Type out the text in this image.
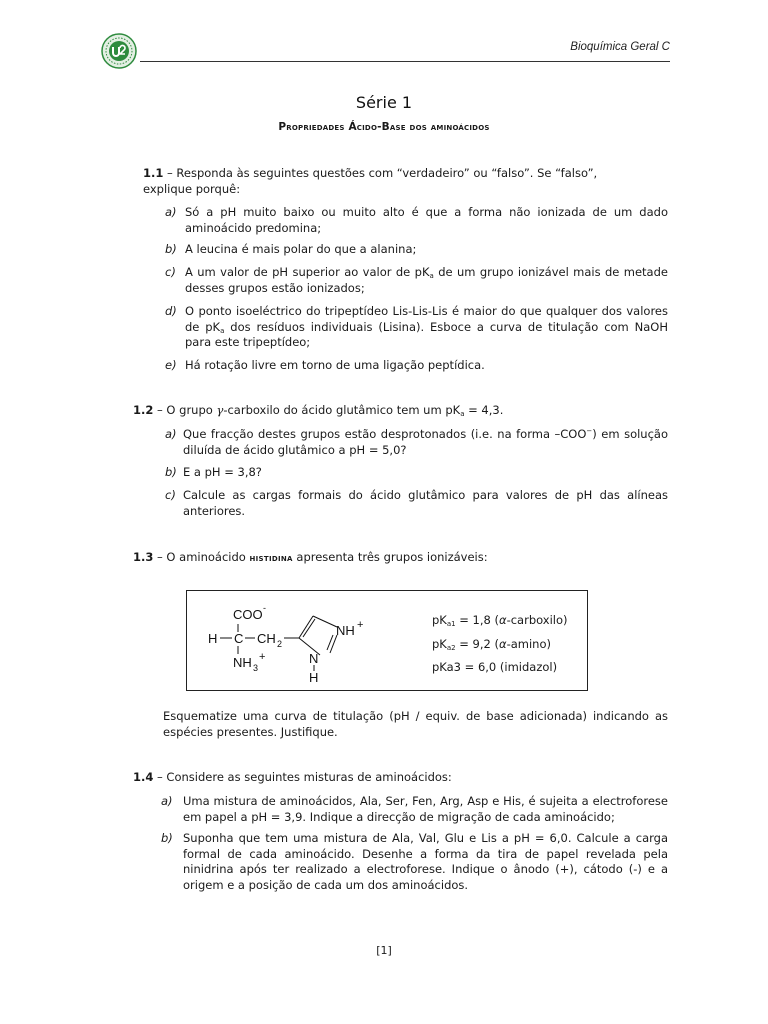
Bioquímica Geral C
Série 1
Propriedades Ácido-Base dos aminoácidos
1.1 – Responda às seguintes questões com “verdadeiro” ou “falso”. Se “falso”, explique porquê:
a) Só a pH muito baixo ou muito alto é que a forma não ionizada de um dado aminoácido predomina;
b) A leucina é mais polar do que a alanina;
c) A um valor de pH superior ao valor de $pK_a$ de um grupo ionizável mais de metade desses grupos estão ionizados;
d) O ponto isoeléctrico do tripeptídeo Lis-Lis-Lis é maior do que qualquer dos valores de $pK_a$ dos resíduos individuais (Lisina). Esboce a curva de titulação com NaOH para este tripeptídeo;
e) Há rotação livre em torno de uma ligação peptídica.
1.2 – O grupo γ-carboxilo do ácido glutâmico tem um $pK_a = 4,3$.
a) Que fracção destes grupos estão desprotonados (i.e. na forma –COO−) em solução diluída de ácido glutâmico a pH = 5,0?
b) E a pH = 3,8?
c) Calcule as cargas formais do ácido glutâmico para valores de pH das alíneas anteriores.
1.3 – O aminoácido histidina apresenta três grupos ionizáveis:
COO -
H C CH 2
NH 3
+
NH +
N
H
$pK_{a1} = 1,8$ (α-carboxilo)
$pK_{a2} = 9,2$ (α-amino)
pKa3 = 6,0 (imidazol)
Esquematize uma curva de titulação (pH / equiv. de base adicionada) indicando as espécies presentes. Justifique.
1.4 – Considere as seguintes misturas de aminoácidos:
a) Uma mistura de aminoácidos, Ala, Ser, Fen, Arg, Asp e His, é sujeita a electroforese em papel a pH = 3,9. Indique a direcção de migração de cada aminoácido;
b) Suponha que tem uma mistura de Ala, Val, Glu e Lis a pH = 6,0. Calcule a carga formal de cada aminoácido. Desenhe a forma da tira de papel revelada pela ninidrina após ter realizado a electroforese. Indique o ânodo (+), cátodo (-) e a origem e a posição de cada um dos aminoácidos.
[1]
